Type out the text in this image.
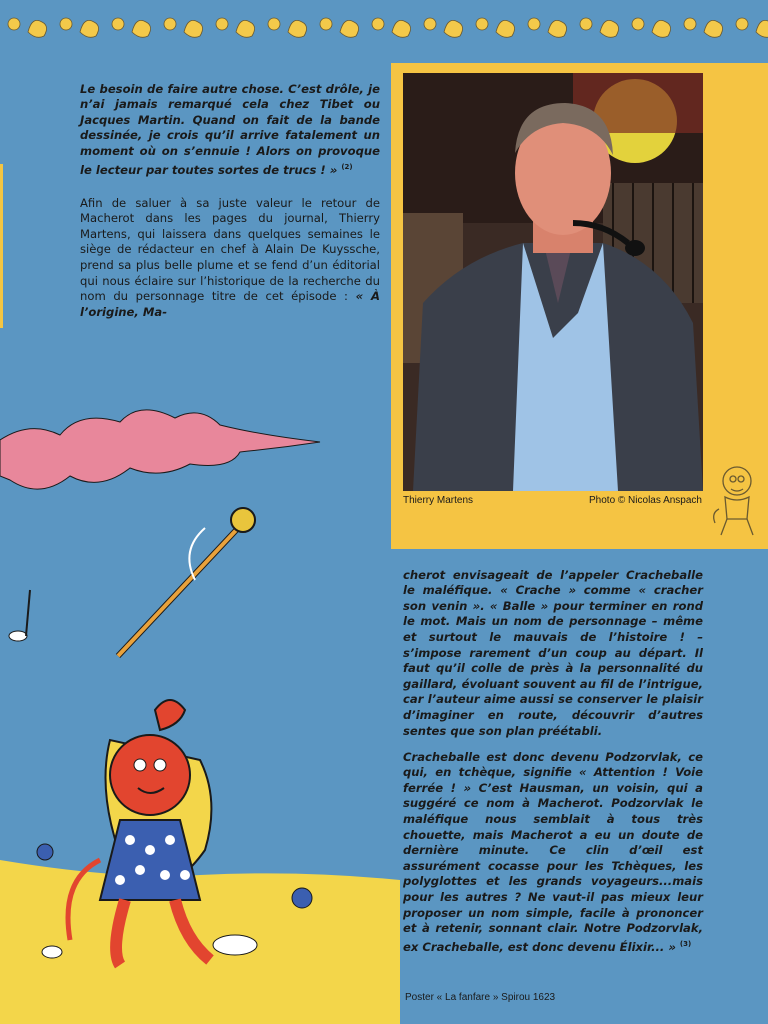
Le besoin de faire autre chose. C’est drôle, je n’ai jamais remarqué cela chez Tibet ou Jacques Martin. Quand on fait de la bande dessinée, je crois qu’il arrive fatalement un moment où on s’ennuie ! Alors on provoque le lecteur par toutes sortes de trucs ! » $^{(2)}$

Afin de saluer à sa juste valeur le retour de Macherot dans les pages du journal, Thierry Martens, qui laissera dans quelques semaines le siège de rédacteur en chef à Alain De Kuyssche, prend sa plus belle plume et se fend d’un éditorial qui nous éclaire sur l’historique de la recherche du nom du personnage titre de cet épisode : « À l’origine, Ma-

Thierry Martens	Photo © Nicolas Anspach

cherot envisageait de l’appeler Cracheballe le maléfique. « Crache » comme « cracher son venin ». « Balle » pour terminer en rond le mot. Mais un nom de personnage – même et surtout le mauvais de l’histoire ! – s’impose rarement d’un coup au départ. Il faut qu’il colle de près à la personnalité du gaillard, évoluant souvent au fil de l’intrigue, car l’auteur aime aussi se conserver le plaisir d’imaginer en route, découvrir d’autres sentes que son plan préétabli.

Cracheballe est donc devenu Podzorvlak, ce qui, en tchèque, signifie « Attention ! Voie ferrée ! » C’est Hausman, un voisin, qui a suggéré ce nom à Macherot. Podzorvlak le maléfique nous semblait à tous très chouette, mais Macherot a eu un doute de dernière minute. Ce clin d’œil est assurément cocasse pour les Tchèques, les polyglottes et les grands voyageurs...mais pour les autres ? Ne vaut-il pas mieux leur proposer un nom simple, facile à prononcer et à retenir, sonnant clair. Notre Podzorvlak, ex Cracheballe, est donc devenu Élixir... » $^{(3)}$

Poster « La fanfare » Spirou 1623
